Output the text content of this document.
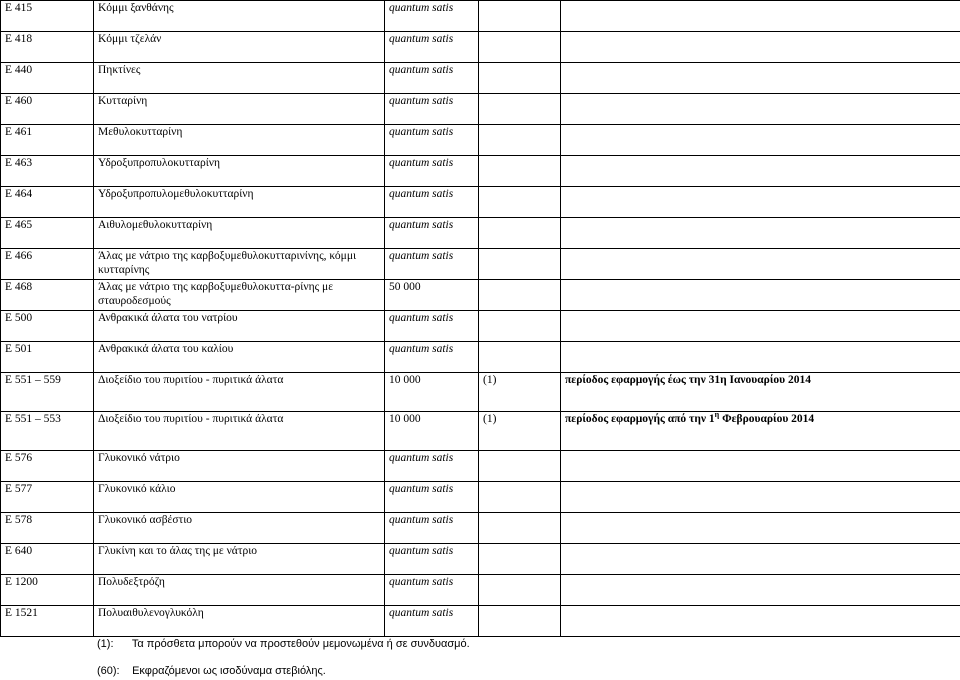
E 415	Κόμμι ξανθάνης	quantum satis		
E 418	Κόμμι τζελάν	quantum satis		
E 440	Πηκτίνες	quantum satis		
E 460	Κυτταρίνη	quantum satis		
E 461	Μεθυλοκυτταρίνη	quantum satis		
E 463	Υδροξυπροπυλοκυτταρίνη	quantum satis		
E 464	Υδροξυπροπυλομεθυλοκυτταρίνη	quantum satis		
E 465	Αιθυλομεθυλοκυτταρίνη	quantum satis		
E 466	Άλας με νάτριο της καρβοξυμεθυλοκυτταρινίνης, κόμμι κυτταρίνης	quantum satis		
E 468	Άλας με νάτριο της καρβοξυμεθυλοκυττα-ρίνης με σταυροδεσμούς	50 000		
E 500	Ανθρακικά άλατα του νατρίου	quantum satis		
E 501	Ανθρακικά άλατα του καλίου	quantum satis		
E 551 – 559	Διοξείδιο του πυριτίου - πυριτικά άλατα	10 000	(1)	περίοδος εφαρμογής έως την 31η Ιανουαρίου 2014
E 551 – 553	Διοξείδιο του πυριτίου - πυριτικά άλατα	10 000	(1)	περίοδος εφαρμογής από την $1^\eta$ Φεβρουαρίου 2014
E 576	Γλυκονικό νάτριο	quantum satis		
E 577	Γλυκονικό κάλιο	quantum satis		
E 578	Γλυκονικό ασβέστιο	quantum satis		
E 640	Γλυκίνη και το άλας της με νάτριο	quantum satis		
E 1200	Πολυδεξτρόζη	quantum satis		
E 1521	Πολυαιθυλενογλυκόλη	quantum satis		
(1): Τα πρόσθετα μπορούν να προστεθούν μεμονωμένα ή σε συνδυασμό.
(60): Εκφραζόμενοι ως ισοδύναμα στεβιόλης.
